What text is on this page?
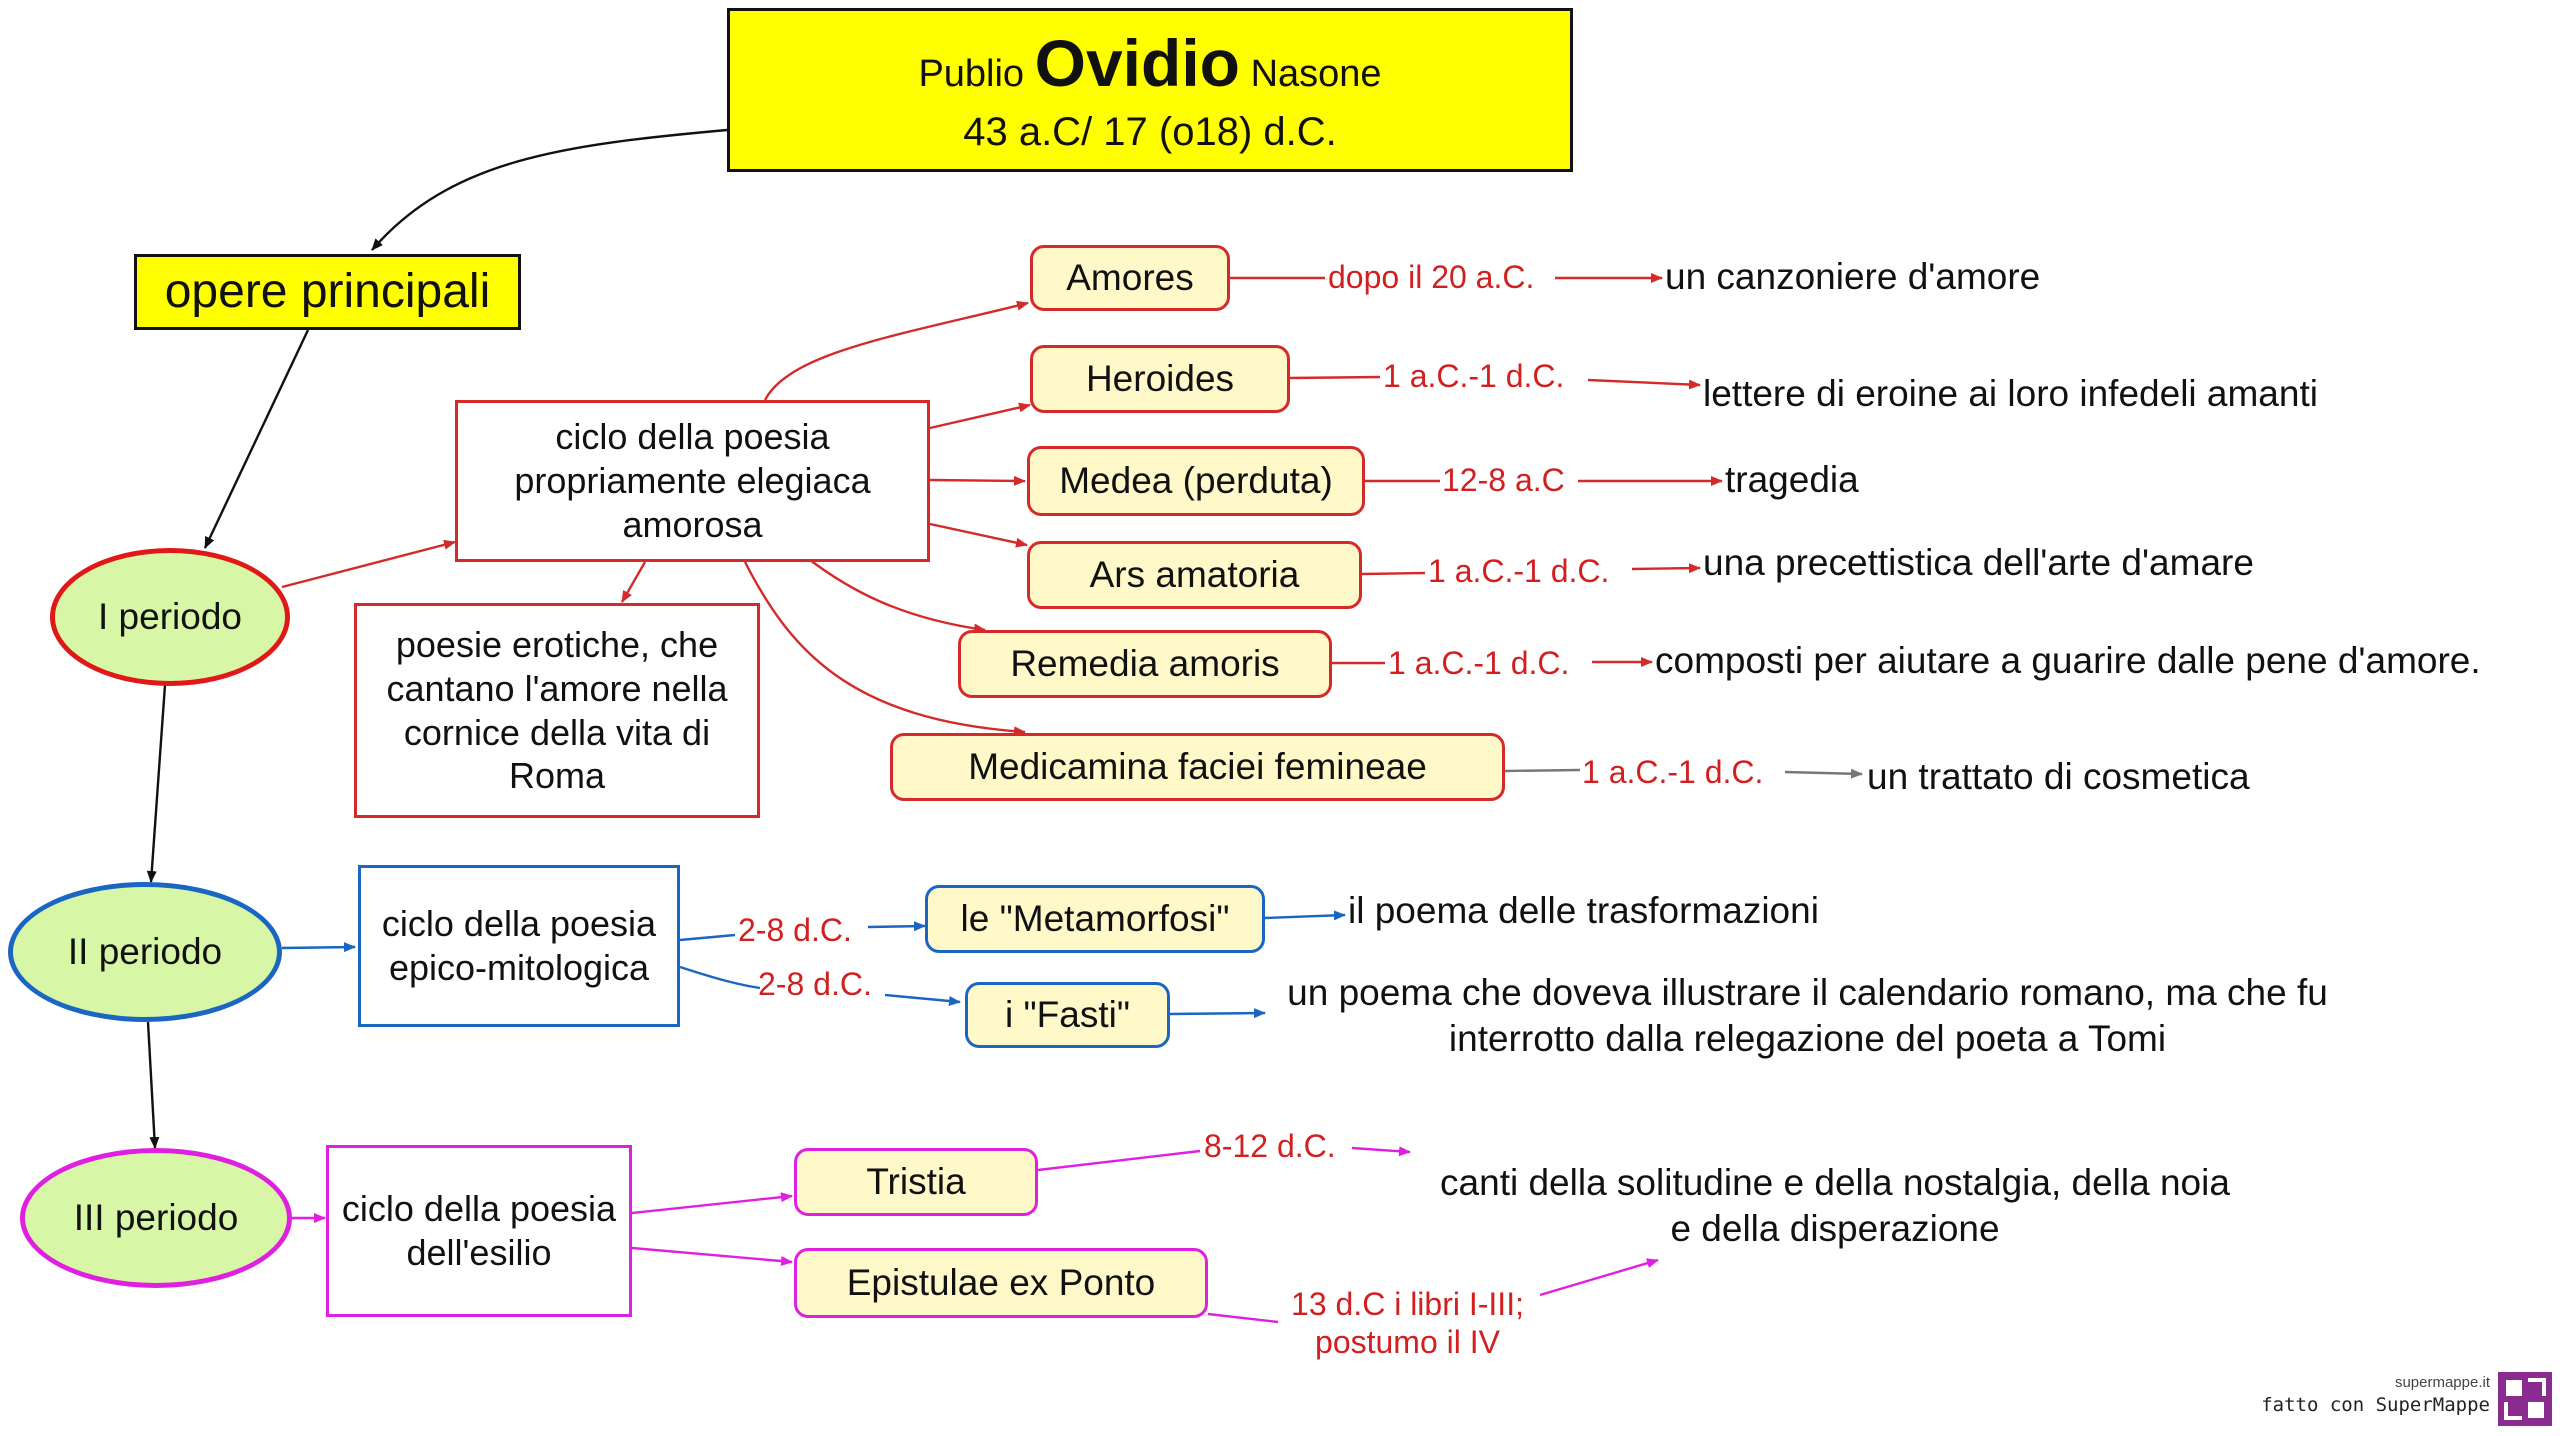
Publio Ovidio Nasone
43 a.C/ 17 (o18) d.C.
opere principali
I periodo
II periodo
III periodo
ciclo della poesia propriamente elegiaca amorosa
poesie erotiche, che cantano l'amore nella cornice della vita di Roma
ciclo della poesia epico-mitologica
ciclo della poesia dell'esilio
Amores
Heroides
Medea (perduta)
Ars amatoria
Remedia amoris
Medicamina faciei femineae
le "Metamorfosi"
i "Fasti"
Tristia
Epistulae ex Ponto
dopo il 20 a.C.
1 a.C.-1 d.C.
12-8 a.C
1 a.C.-1 d.C.
1 a.C.-1 d.C.
1 a.C.-1 d.C.
2-8 d.C.
2-8 d.C.
8-12 d.C.
13 d.C i libri I-III; postumo il IV
un canzoniere d'amore
lettere di eroine ai loro infedeli amanti
tragedia
una precettistica dell'arte d'amare
composti per aiutare a guarire dalle pene d'amore.
un trattato di cosmetica
il poema delle trasformazioni
un poema che doveva illustrare il calendario romano, ma che fu interrotto dalla relegazione del poeta a Tomi
canti della solitudine e della nostalgia, della noia e della disperazione
supermappe.it
fatto con SuperMappe
